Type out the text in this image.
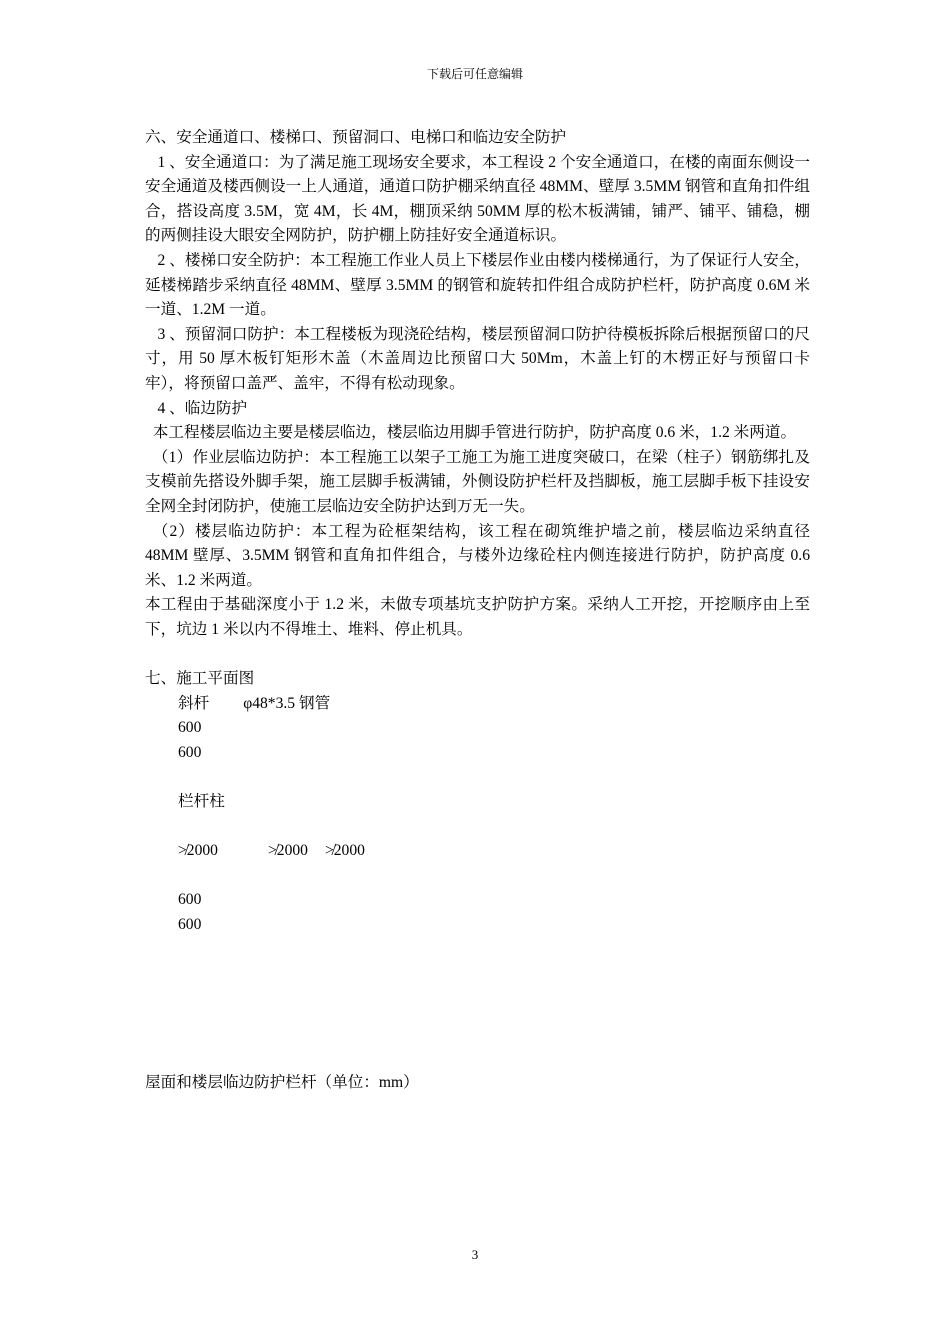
下载后可任意编辑

六、安全通道口、楼梯口、预留洞口、电梯口和临边安全防护

1 、安全通道口：为了满足施工现场安全要求，本工程设 2 个安全通道口，在楼的南面东侧设一安全通道及楼西侧设一上人通道，通道口防护棚采纳直径 48MM、壁厚 3.5MM 钢管和直角扣件组合，搭设高度 3.5M，宽 4M，长 4M，棚顶采纳 50MM 厚的松木板满铺，铺严、铺平、铺稳，棚的两侧挂设大眼安全网防护，防护棚上防挂好安全通道标识。

2 、楼梯口安全防护：本工程施工作业人员上下楼层作业由楼内楼梯通行，为了保证行人安全，延楼梯踏步采纳直径 48MM、壁厚 3.5MM 的钢管和旋转扣件组合成防护栏杆，防护高度 0.6M 米一道、1.2M 一道。

3 、预留洞口防护：本工程楼板为现浇砼结构，楼层预留洞口防护待模板拆除后根据预留口的尺寸，用 50 厚木板钉矩形木盖（木盖周边比预留口大 50Mm，木盖上钉的木楞正好与预留口卡牢），将预留口盖严、盖牢，不得有松动现象。

4 、临边防护

本工程楼层临边主要是楼层临边，楼层临边用脚手管进行防护，防护高度 0.6 米，1.2 米两道。

（1）作业层临边防护：本工程施工以架子工施工为施工进度突破口，在梁（柱子）钢筋绑扎及支模前先搭设外脚手架，施工层脚手板满铺，外侧设防护栏杆及挡脚板，施工层脚手板下挂设安全网全封闭防护，使施工层临边安全防护达到万无一失。

（2）楼层临边防护：本工程为砼框架结构，该工程在砌筑维护墙之前，楼层临边采纳直径 48MM 壁厚、3.5MM 钢管和直角扣件组合，与楼外边缘砼柱内侧连接进行防护，防护高度 0.6 米、1.2 米两道。

本工程由于基础深度小于 1.2 米，未做专项基坑支护防护方案。采纳人工开挖，开挖顺序由上至下，坑边 1 米以内不得堆土、堆料、停止机具。

七、施工平面图

斜杆 φ48*3.5 钢管
600
600
栏杆柱
≯2000	≯2000 ≯2000
600
600
屋面和楼层临边防护栏杆（单位：mm）
3
